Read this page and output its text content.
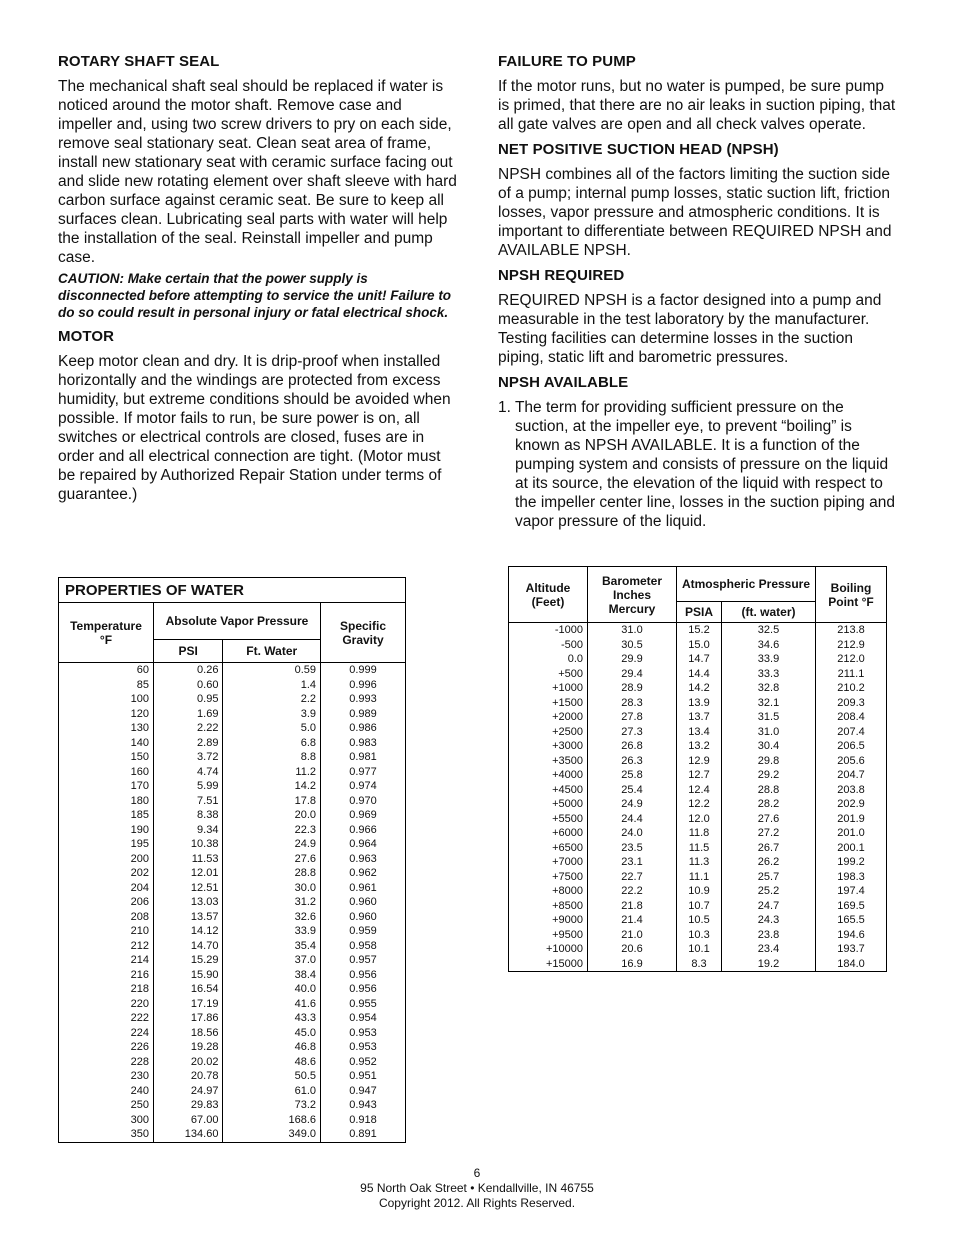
ROTARY SHAFT SEAL

The mechanical shaft seal should be replaced if water is noticed around the motor shaft. Remove case and impeller and, using two screw drivers to pry on each side, remove seal stationary seat. Clean seat area of frame, install new stationary seat with ceramic surface facing out and slide new rotating element over shaft sleeve with hard carbon surface against ceramic seat. Be sure to keep all surfaces clean. Lubricating seal parts with water will help the installation of the seal. Reinstall impeller and pump case.

CAUTION: Make certain that the power supply is disconnected before attempting to service the unit! Failure to do so could result in personal injury or fatal electrical shock.

MOTOR

Keep motor clean and dry. It is drip-proof when installed horizontally and the windings are protected from excess humidity, but extreme conditions should be avoided when possible. If motor fails to run, be sure power is on, all switches or electrical controls are closed, fuses are in order and all electrical connection are tight. (Motor must be repaired by Authorized Repair Station under terms of guarantee.)

FAILURE TO PUMP

If the motor runs, but no water is pumped, be sure pump is primed, that there are no air leaks in suction piping, that all gate valves are open and all check valves operate.

NET POSITIVE SUCTION HEAD (NPSH)

NPSH combines all of the factors limiting the suction side of a pump; internal pump losses, static suction lift, friction losses, vapor pressure and atmospheric conditions. It is important to differentiate between REQUIRED NPSH and AVAILABLE NPSH.

NPSH REQUIRED

REQUIRED NPSH is a factor designed into a pump and measurable in the test laboratory by the manufacturer. Testing facilities can determine losses in the suction piping, static lift and barometric pressures.

NPSH AVAILABLE

1. The term for providing sufficient pressure on the suction, at the impeller eye, to prevent “boiling” is known as NPSH AVAILABLE. It is a function of the pumping system and consists of pressure on the liquid at its source, the elevation of the liquid with respect to the impeller center line, losses in the suction piping and vapor pressure of the liquid.

PROPERTIES OF WATER			
Temperature °F	Absolute Vapor Pressure		Specific Gravity
	PSI	Ft. Water	
60	0.26	0.59	0.999
85	0.60	1.4	0.996
100	0.95	2.2	0.993
120	1.69	3.9	0.989
130	2.22	5.0	0.986
140	2.89	6.8	0.983
150	3.72	8.8	0.981
160	4.74	11.2	0.977
170	5.99	14.2	0.974
180	7.51	17.8	0.970
185	8.38	20.0	0.969
190	9.34	22.3	0.966
195	10.38	24.9	0.964
200	11.53	27.6	0.963
202	12.01	28.8	0.962
204	12.51	30.0	0.961
206	13.03	31.2	0.960
208	13.57	32.6	0.960
210	14.12	33.9	0.959
212	14.70	35.4	0.958
214	15.29	37.0	0.957
216	15.90	38.4	0.956
218	16.54	40.0	0.956
220	17.19	41.6	0.955
222	17.86	43.3	0.954
224	18.56	45.0	0.953
226	19.28	46.8	0.953
228	20.02	48.6	0.952
230	20.78	50.5	0.951
240	24.97	61.0	0.947
250	29.83	73.2	0.943
300	67.00	168.6	0.918
350	134.60	349.0	0.891
Altitude (Feet)	Barometer Inches Mercury	Atmospheric Pressure		Boiling Point °F
		PSIA	(ft. water)	
-1000	31.0	15.2	32.5	213.8
-500	30.5	15.0	34.6	212.9
0.0	29.9	14.7	33.9	212.0
+500	29.4	14.4	33.3	211.1
+1000	28.9	14.2	32.8	210.2
+1500	28.3	13.9	32.1	209.3
+2000	27.8	13.7	31.5	208.4
+2500	27.3	13.4	31.0	207.4
+3000	26.8	13.2	30.4	206.5
+3500	26.3	12.9	29.8	205.6
+4000	25.8	12.7	29.2	204.7
+4500	25.4	12.4	28.8	203.8
+5000	24.9	12.2	28.2	202.9
+5500	24.4	12.0	27.6	201.9
+6000	24.0	11.8	27.2	201.0
+6500	23.5	11.5	26.7	200.1
+7000	23.1	11.3	26.2	199.2
+7500	22.7	11.1	25.7	198.3
+8000	22.2	10.9	25.2	197.4
+8500	21.8	10.7	24.7	169.5
+9000	21.4	10.5	24.3	165.5
+9500	21.0	10.3	23.8	194.6
+10000	20.6	10.1	23.4	193.7
+15000	16.9	8.3	19.2	184.0
6
95 North Oak Street • Kendallville, IN 46755
Copyright 2012. All Rights Reserved.
